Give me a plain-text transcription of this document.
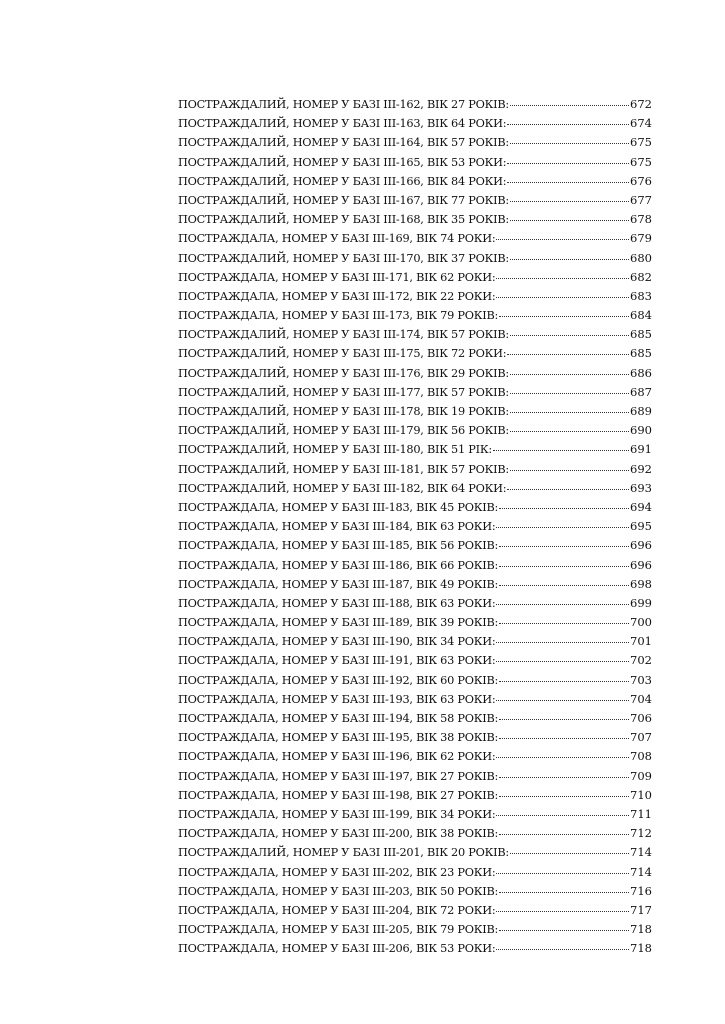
ПОСТРАЖДАЛИЙ, НОМЕР У БАЗІ III-162, ВІК 27 РОКІВ:	672
ПОСТРАЖДАЛИЙ, НОМЕР У БАЗІ III-163, ВІК 64 РОКИ:	674
ПОСТРАЖДАЛИЙ, НОМЕР У БАЗІ III-164, ВІК 57 РОКІВ:	675
ПОСТРАЖДАЛИЙ, НОМЕР У БАЗІ III-165, ВІК 53 РОКИ:	675
ПОСТРАЖДАЛИЙ, НОМЕР У БАЗІ III-166, ВІК 84 РОКИ:	676
ПОСТРАЖДАЛИЙ, НОМЕР У БАЗІ III-167, ВІК 77 РОКІВ:	677
ПОСТРАЖДАЛИЙ, НОМЕР У БАЗІ III-168, ВІК 35 РОКІВ:	678
ПОСТРАЖДАЛА, НОМЕР У БАЗІ III-169, ВІК 74 РОКИ:	679
ПОСТРАЖДАЛИЙ, НОМЕР У БАЗІ III-170, ВІК 37 РОКІВ:	680
ПОСТРАЖДАЛА, НОМЕР У БАЗІ III-171, ВІК 62 РОКИ:	682
ПОСТРАЖДАЛА, НОМЕР У БАЗІ III-172, ВІК 22 РОКИ:	683
ПОСТРАЖДАЛА, НОМЕР У БАЗІ III-173, ВІК 79 РОКІВ:	684
ПОСТРАЖДАЛИЙ, НОМЕР У БАЗІ III-174, ВІК 57 РОКІВ:	685
ПОСТРАЖДАЛИЙ, НОМЕР У БАЗІ III-175, ВІК 72 РОКИ:	685
ПОСТРАЖДАЛИЙ, НОМЕР У БАЗІ III-176, ВІК 29 РОКІВ:	686
ПОСТРАЖДАЛИЙ, НОМЕР У БАЗІ III-177, ВІК 57 РОКІВ:	687
ПОСТРАЖДАЛИЙ, НОМЕР У БАЗІ III-178, ВІК 19 РОКІВ:	689
ПОСТРАЖДАЛИЙ, НОМЕР У БАЗІ III-179, ВІК 56 РОКІВ:	690
ПОСТРАЖДАЛИЙ, НОМЕР У БАЗІ III-180, ВІК 51 РІК:	691
ПОСТРАЖДАЛИЙ, НОМЕР У БАЗІ III-181, ВІК 57 РОКІВ:	692
ПОСТРАЖДАЛИЙ, НОМЕР У БАЗІ III-182, ВІК 64 РОКИ:	693
ПОСТРАЖДАЛА, НОМЕР У БАЗІ III-183, ВІК 45 РОКІВ:	694
ПОСТРАЖДАЛА, НОМЕР У БАЗІ III-184, ВІК 63 РОКИ:	695
ПОСТРАЖДАЛА, НОМЕР У БАЗІ III-185, ВІК 56 РОКІВ:	696
ПОСТРАЖДАЛА, НОМЕР У БАЗІ III-186, ВІК 66 РОКІВ:	696
ПОСТРАЖДАЛА, НОМЕР У БАЗІ III-187, ВІК 49 РОКІВ:	698
ПОСТРАЖДАЛА, НОМЕР У БАЗІ III-188, ВІК 63 РОКИ:	699
ПОСТРАЖДАЛА, НОМЕР У БАЗІ III-189, ВІК 39 РОКІВ:	700
ПОСТРАЖДАЛА, НОМЕР У БАЗІ III-190, ВІК 34 РОКИ:	701
ПОСТРАЖДАЛА, НОМЕР У БАЗІ III-191, ВІК 63 РОКИ:	702
ПОСТРАЖДАЛА, НОМЕР У БАЗІ III-192, ВІК 60 РОКІВ:	703
ПОСТРАЖДАЛА, НОМЕР У БАЗІ III-193, ВІК 63 РОКИ:	704
ПОСТРАЖДАЛА, НОМЕР У БАЗІ III-194, ВІК 58 РОКІВ:	706
ПОСТРАЖДАЛА, НОМЕР У БАЗІ III-195, ВІК 38 РОКІВ:	707
ПОСТРАЖДАЛА, НОМЕР У БАЗІ III-196, ВІК 62 РОКИ:	708
ПОСТРАЖДАЛА, НОМЕР У БАЗІ III-197, ВІК 27 РОКІВ:	709
ПОСТРАЖДАЛА, НОМЕР У БАЗІ III-198, ВІК 27 РОКІВ:	710
ПОСТРАЖДАЛА, НОМЕР У БАЗІ III-199, ВІК 34 РОКИ:	711
ПОСТРАЖДАЛА, НОМЕР У БАЗІ III-200, ВІК 38 РОКІВ:	712
ПОСТРАЖДАЛИЙ, НОМЕР У БАЗІ III-201, ВІК 20 РОКІВ:	714
ПОСТРАЖДАЛА, НОМЕР У БАЗІ III-202, ВІК 23 РОКИ:	714
ПОСТРАЖДАЛА, НОМЕР У БАЗІ III-203, ВІК 50 РОКІВ:	716
ПОСТРАЖДАЛА, НОМЕР У БАЗІ III-204, ВІК 72 РОКИ:	717
ПОСТРАЖДАЛА, НОМЕР У БАЗІ III-205, ВІК 79 РОКІВ:	718
ПОСТРАЖДАЛА, НОМЕР У БАЗІ III-206, ВІК 53 РОКИ:	718
